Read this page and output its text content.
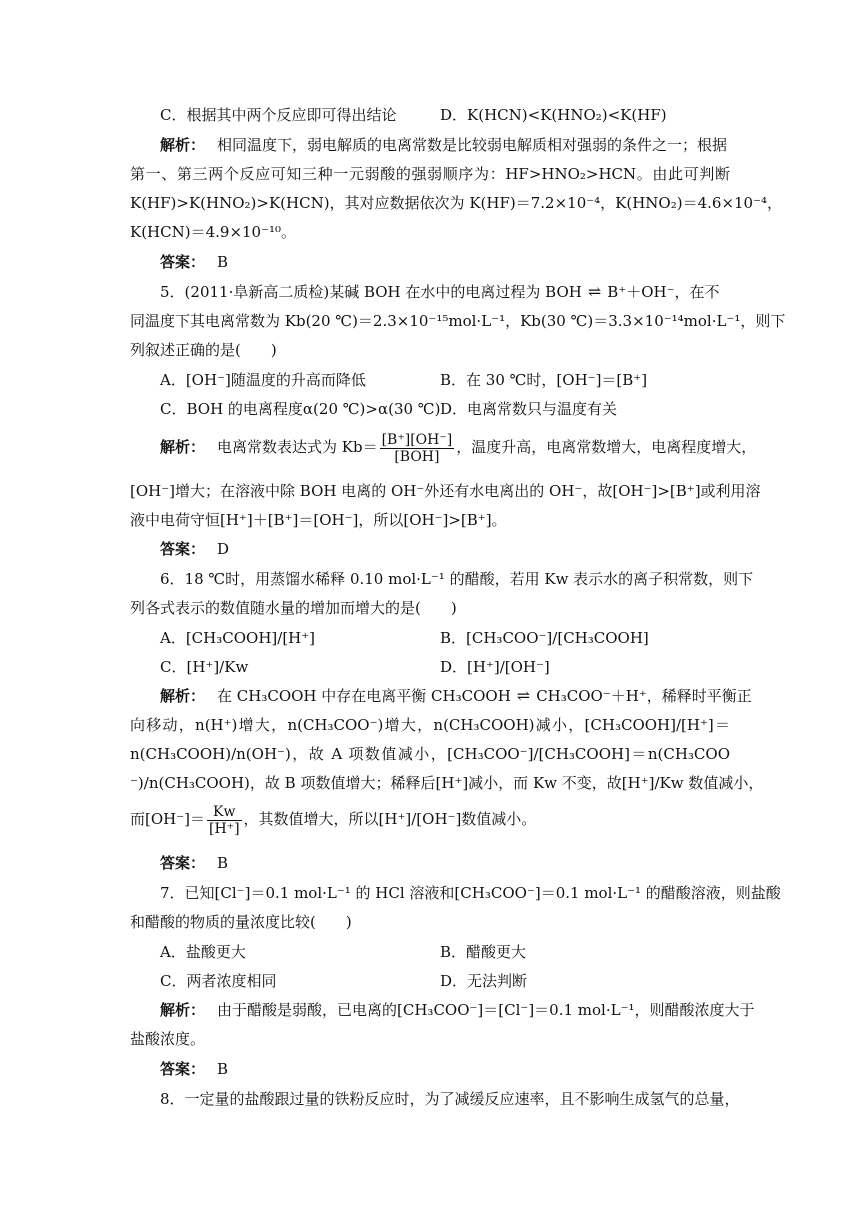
C．根据其中两个反应即可得出结论	D．K(HCN)<K(HNO₂)<K(HF)
解析： 相同温度下，弱电解质的电离常数是比较弱电解质相对强弱的条件之一；根据
第一、第三两个反应可知三种一元弱酸的强弱顺序为：HF>HNO₂>HCN。由此可判断
K(HF)>K(HNO₂)>K(HCN)，其对应数据依次为 K(HF)＝7.2×10⁻⁴，K(HNO₂)＝4.6×10⁻⁴，
K(HCN)＝4.9×10⁻¹⁰。
答案： B
5．(2011·阜新高二质检)某碱 BOH 在水中的电离过程为 BOH ⇌ B⁺＋OH⁻，在不
同温度下其电离常数为 Kb(20 ℃)＝2.3×10⁻¹⁵mol·L⁻¹，Kb(30 ℃)＝3.3×10⁻¹⁴mol·L⁻¹，则下
列叙述正确的是(　　)
A．[OH⁻]随温度的升高而降低	B．在 30 ℃时，[OH⁻]＝[B⁺]
C．BOH 的电离程度α(20 ℃)>α(30 ℃) D．电离常数只与温度有关
解析： 电离常数表达式为 $Kb= \frac{[B^+][OH^-]}{\text{[BOH]}}$ ，温度升高，电离常数增大，电离程度增大，
[OH⁻]增大；在溶液中除 BOH 电离的 OH⁻外还有水电离出的 OH⁻，故[OH⁻]>[B⁺]或利用溶
液中电荷守恒[H⁺]＋[B⁺]＝[OH⁻]，所以[OH⁻]>[B⁺]。
答案： D
6．18 ℃时，用蒸馏水稀释 0.10 mol·L⁻¹ 的醋酸，若用 Kw 表示水的离子积常数，则下
列各式表示的数值随水量的增加而增大的是(　　)
A．[CH₃COOH]/[H⁺]	B．[CH₃COO⁻]/[CH₃COOH]
C．[H⁺]/Kw	D．[H⁺]/[OH⁻]
解析： 在 CH₃COOH 中存在电离平衡 CH₃COOH ⇌ CH₃COO⁻＋H⁺，稀释时平衡正
向移动，n(H⁺)增大，n(CH₃COO⁻)增大，n(CH₃COOH)减小，[CH₃COOH]/[H⁺]＝
n(CH₃COOH)/n(OH⁻)，故 A 项数值减小，[CH₃COO⁻]/[CH₃COOH]＝n(CH₃COO
⁻)/n(CH₃COOH)，故 B 项数值增大；稀释后[H⁺]减小，而 Kw 不变，故[H⁺]/Kw 数值减小，
而$[OH^-]= \frac{Kw}{[H^+]}$ ，其数值增大，所以[H⁺]/[OH⁻]数值减小。
答案： B
7．已知[Cl⁻]＝0.1 mol·L⁻¹ 的 HCl 溶液和[CH₃COO⁻]＝0.1 mol·L⁻¹ 的醋酸溶液，则盐酸
和醋酸的物质的量浓度比较(　　)
A．盐酸更大	B．醋酸更大
C．两者浓度相同	D．无法判断
解析： 由于醋酸是弱酸，已电离的[CH₃COO⁻]＝[Cl⁻]＝0.1 mol·L⁻¹，则醋酸浓度大于
盐酸浓度。
答案： B
8．一定量的盐酸跟过量的铁粉反应时，为了减缓反应速率，且不影响生成氢气的总量，
